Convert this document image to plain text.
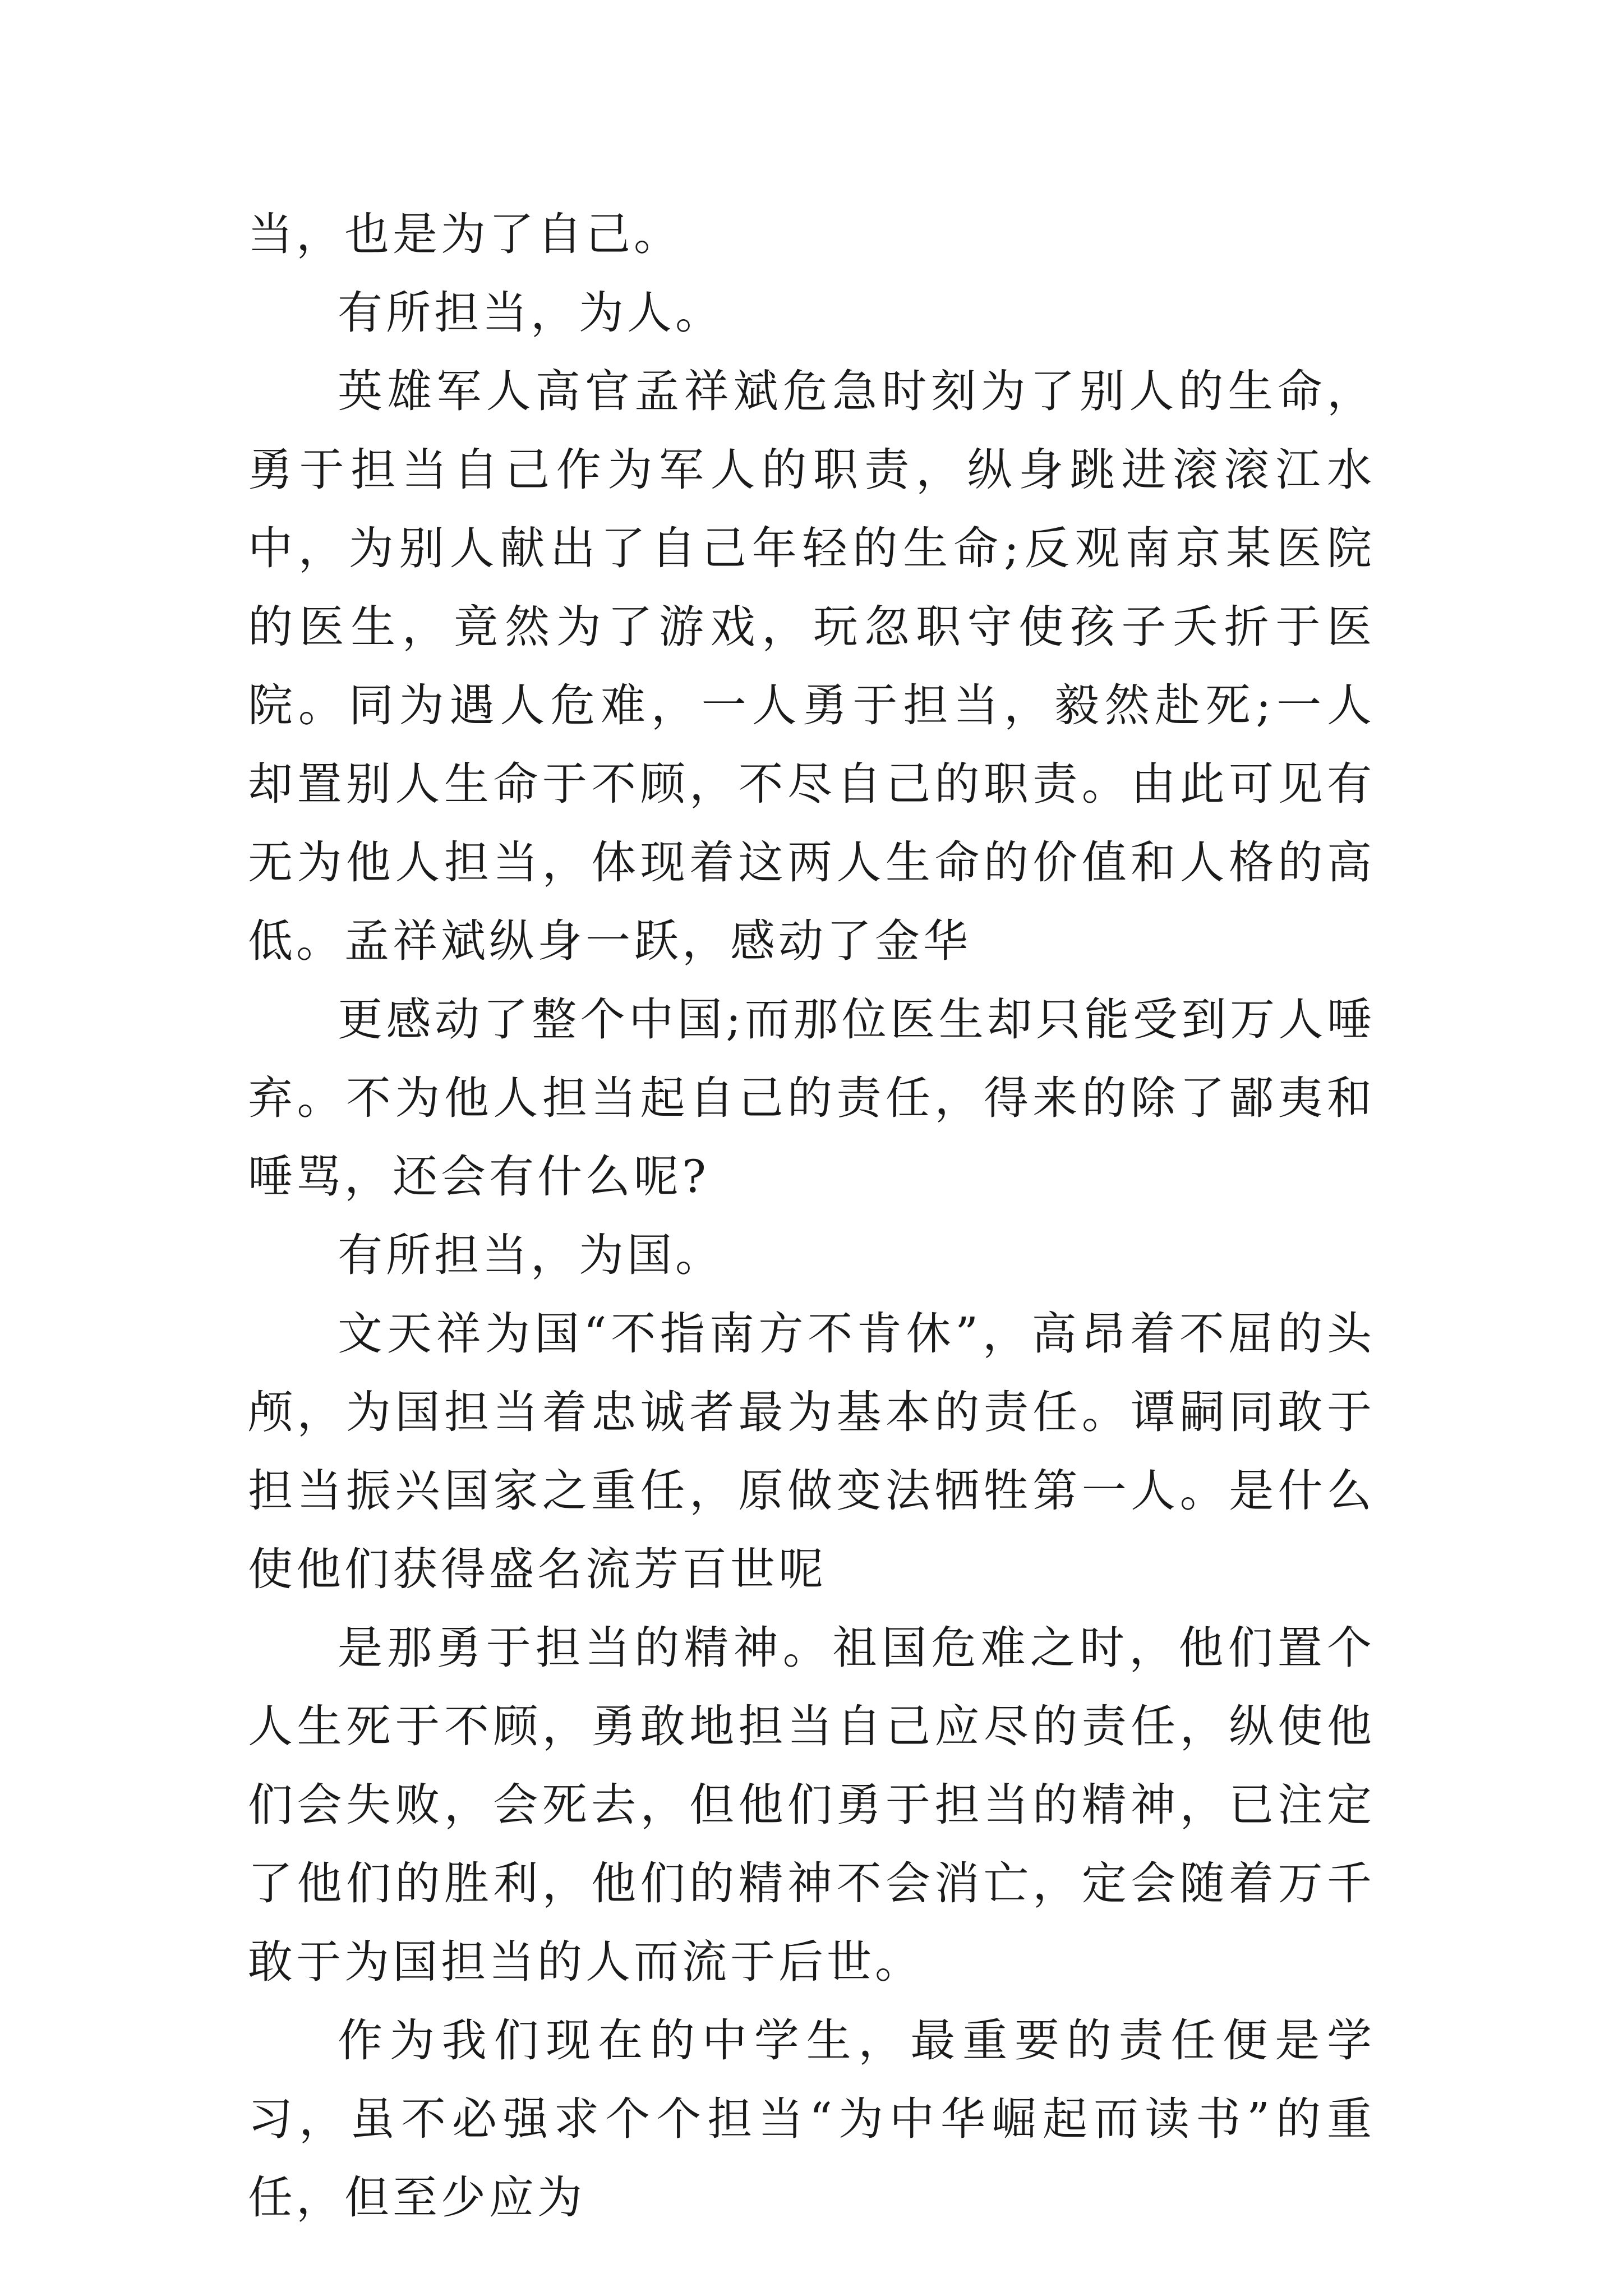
当，也是为了自己。

有所担当，为人。

英雄军人高官孟祥斌危急时刻为了别人的生命，勇于担当自己作为军人的职责，纵身跳进滚滚江水中，为别人献出了自己年轻的生命;反观南京某医院的医生，竟然为了游戏，玩忽职守使孩子夭折于医院。同为遇人危难，一人勇于担当，毅然赴死;一人却置别人生命于不顾，不尽自己的职责。由此可见有无为他人担当，体现着这两人生命的价值和人格的高低。孟祥斌纵身一跃，感动了金华

更感动了整个中国;而那位医生却只能受到万人唾弃。不为他人担当起自己的责任，得来的除了鄙夷和唾骂，还会有什么呢?

有所担当，为国。

文天祥为国“不指南方不肯休”，高昂着不屈的头颅，为国担当着忠诚者最为基本的责任。谭嗣同敢于担当振兴国家之重任，原做变法牺牲第一人。是什么使他们获得盛名流芳百世呢

是那勇于担当的精神。祖国危难之时，他们置个人生死于不顾，勇敢地担当自己应尽的责任，纵使他们会失败，会死去，但他们勇于担当的精神，已注定了他们的胜利，他们的精神不会消亡，定会随着万千敢于为国担当的人而流于后世。

作为我们现在的中学生，最重要的责任便是学习，虽不必强求个个担当“为中华崛起而读书”的重任，但至少应为
